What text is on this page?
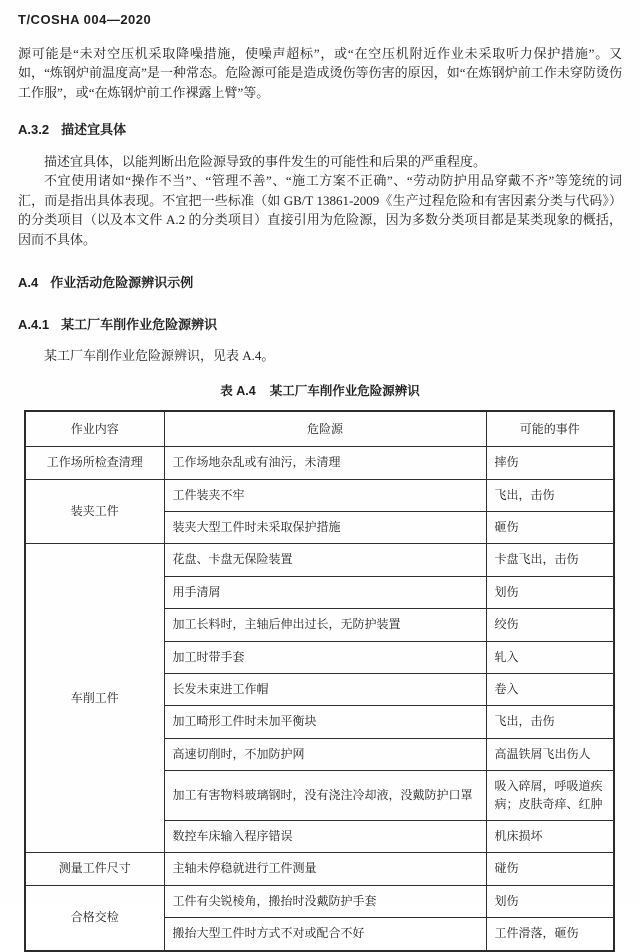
T/COSHA 004—2020

源可能是“未对空压机采取降噪措施，使噪声超标”，或“在空压机附近作业未采取听力保护措施”。又如，“炼钢炉前温度高”是一种常态。危险源可能是造成烫伤等伤害的原因，如“在炼钢炉前工作未穿防烫伤工作服”，或“在炼钢炉前工作裸露上臂”等。

A.3.2 描述宜具体

描述宜具体，以能判断出危险源导致的事件发生的可能性和后果的严重程度。

不宜使用诸如“操作不当”、“管理不善”、“施工方案不正确”、“劳动防护用品穿戴不齐”等笼统的词汇，而是指出具体表现。不宜把一些标准（如 GB/T 13861-2009《生产过程危险和有害因素分类与代码》）的分类项目（以及本文件 A.2 的分类项目）直接引用为危险源，因为多数分类项目都是某类现象的概括，因而不具体。

A.4 作业活动危险源辨识示例
A.4.1 某工厂车削作业危险源辨识

某工厂车削作业危险源辨识，见表 A.4。

表 A.4 某工厂车削作业危险源辨识
作业内容	危险源	可能的事件
工作场所检查清理	工作场地杂乱或有油污，未清理	摔伤
装夹工件	工件装夹不牢	飞出，击伤
	装夹大型工件时未采取保护措施	砸伤
车削工件	花盘、卡盘无保险装置	卡盘飞出，击伤
	用手清屑	划伤
	加工长料时，主轴后伸出过长，无防护装置	绞伤
	加工时带手套	轧入
	长发未束进工作帽	卷入
	加工畸形工件时未加平衡块	飞出，击伤
	高速切削时，不加防护网	高温铁屑飞出伤人
	加工有害物料玻璃钢时，没有浇注冷却液，没戴防护口罩	吸入碎屑，呼吸道疾病；皮肤奇痒、红肿
	数控车床输入程序错误	机床损坏
测量工件尺寸	主轴未停稳就进行工件测量	碰伤
合格交检	工件有尖锐棱角，搬抬时没戴防护手套	划伤
	搬抬大型工件时方式不对或配合不好	工件滑落，砸伤
